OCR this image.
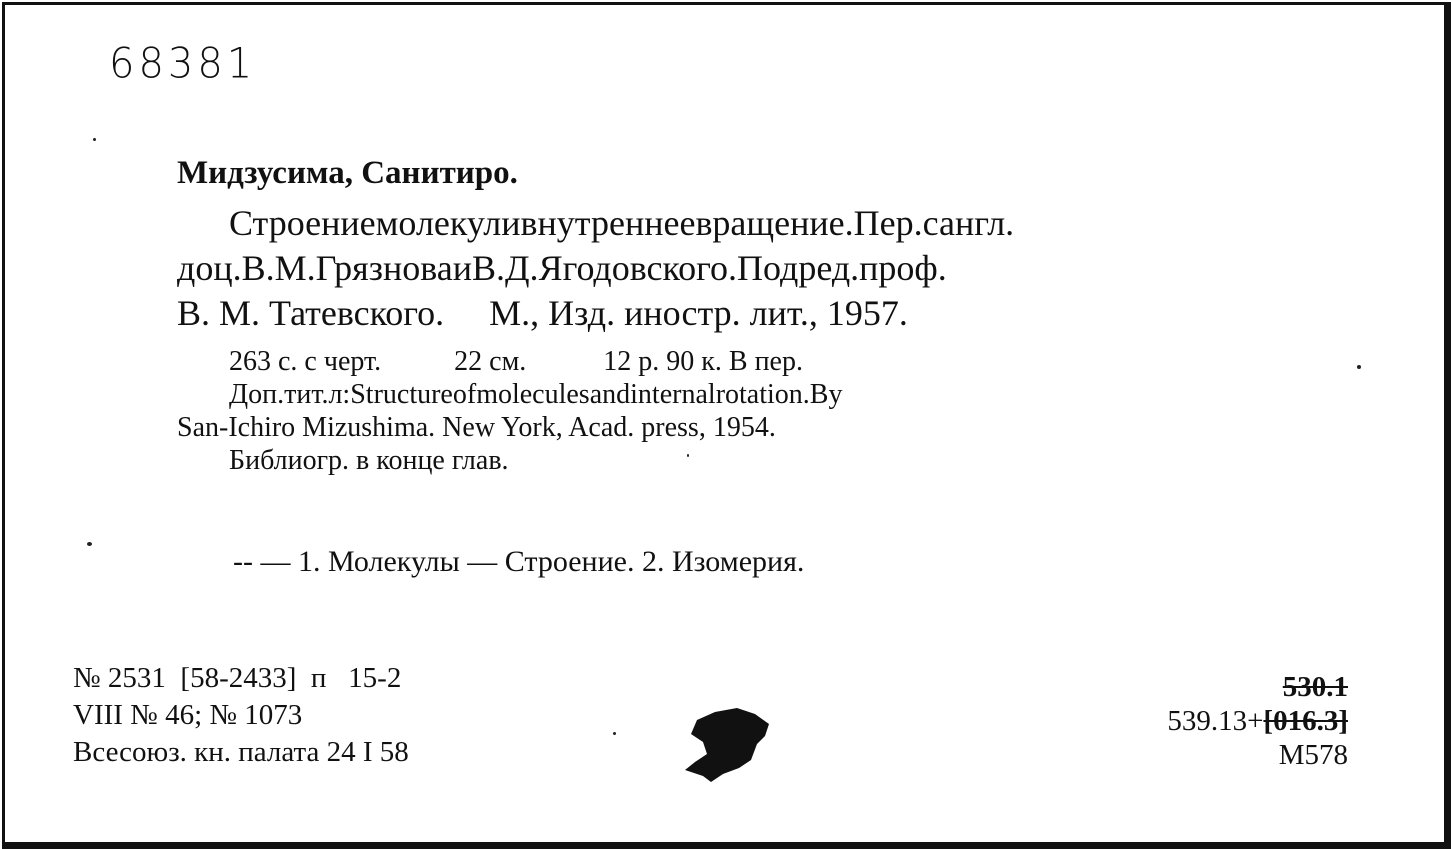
68381
Мидзусима, Санитиро.
Строениемолекуливнутреннеевращение.Пер.сангл.
доц.В.М.ГрязноваиВ.Д.Ягодовского.Подред.проф.
В. М. Татевского.     М., Изд. иностр. лит., 1957.
263 с. с черт.	22 см.	12 р. 90 к. В пер.
Доп.тит.л:Structureofmoleculesandinternalrotation.By
San-Ichiro Mizushima. New York, Acad. press, 1954.
Библиогр. в конце глав.
-- — 1. Молекулы — Строение. 2. Изомерия.
№ 2531  [58-2433]  п   15-2
VIII № 46; № 1073
Всесоюз. кн. палата 24 I 58
530.1
539.13+[016.3]
М578
